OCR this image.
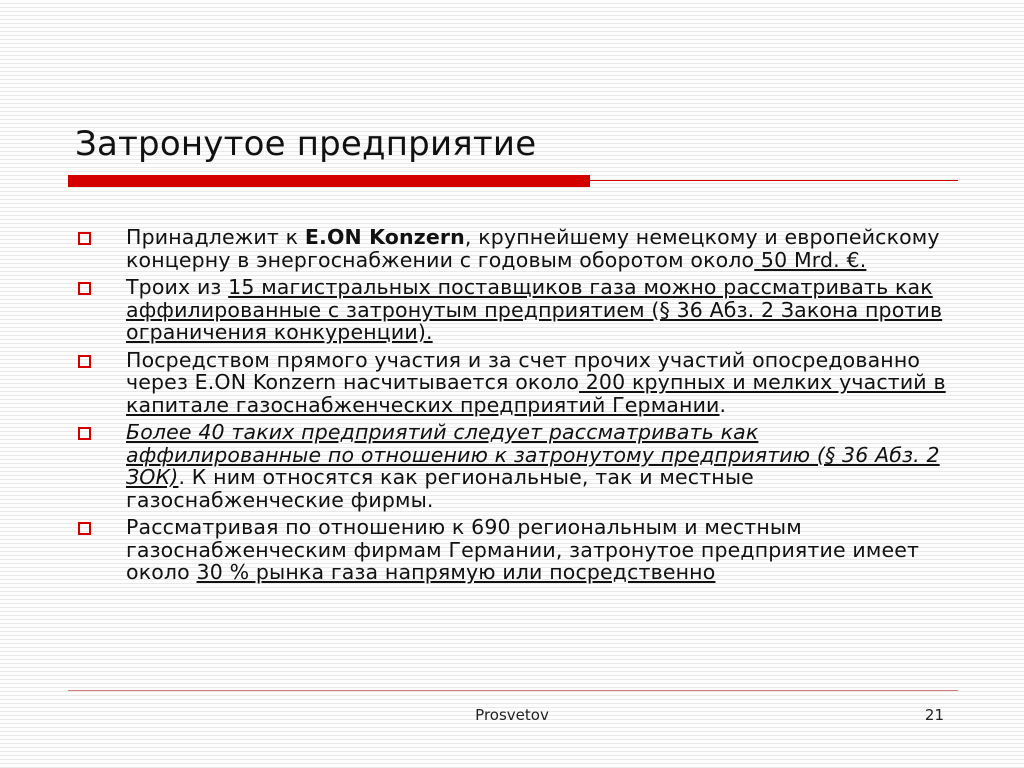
Затронутое предприятие
Принадлежит к E.ON Konzern, крупнейшему немецкому и европейскому концерну в энергоснабжении с годовым оборотом около 50 Mrd. €.
Троих из 15 магистральных поставщиков газа можно рассматривать как аффилированные с затронутым предприятием (§ 36 Абз. 2 Закона против ограничения конкуренции).
Посредством прямого участия и за счет прочих участий опосредованно через E.ON Konzern насчитывается около 200 крупных и мелких участий в капитале газоснабженческих предприятий Германии.
Более 40 таких предприятий следует рассматривать как аффилированные по отношению к затронутому предприятию (§ 36 Абз. 2 ЗОК). К ним относятся как региональные, так и местные газоснабженческие фирмы.
Рассматривая по отношению к 690 региональным и местным газоснабженческим фирмам Германии, затронутое предприятие имеет около 30 % рынка газа напрямую или посредственно
Prosvetov	21
